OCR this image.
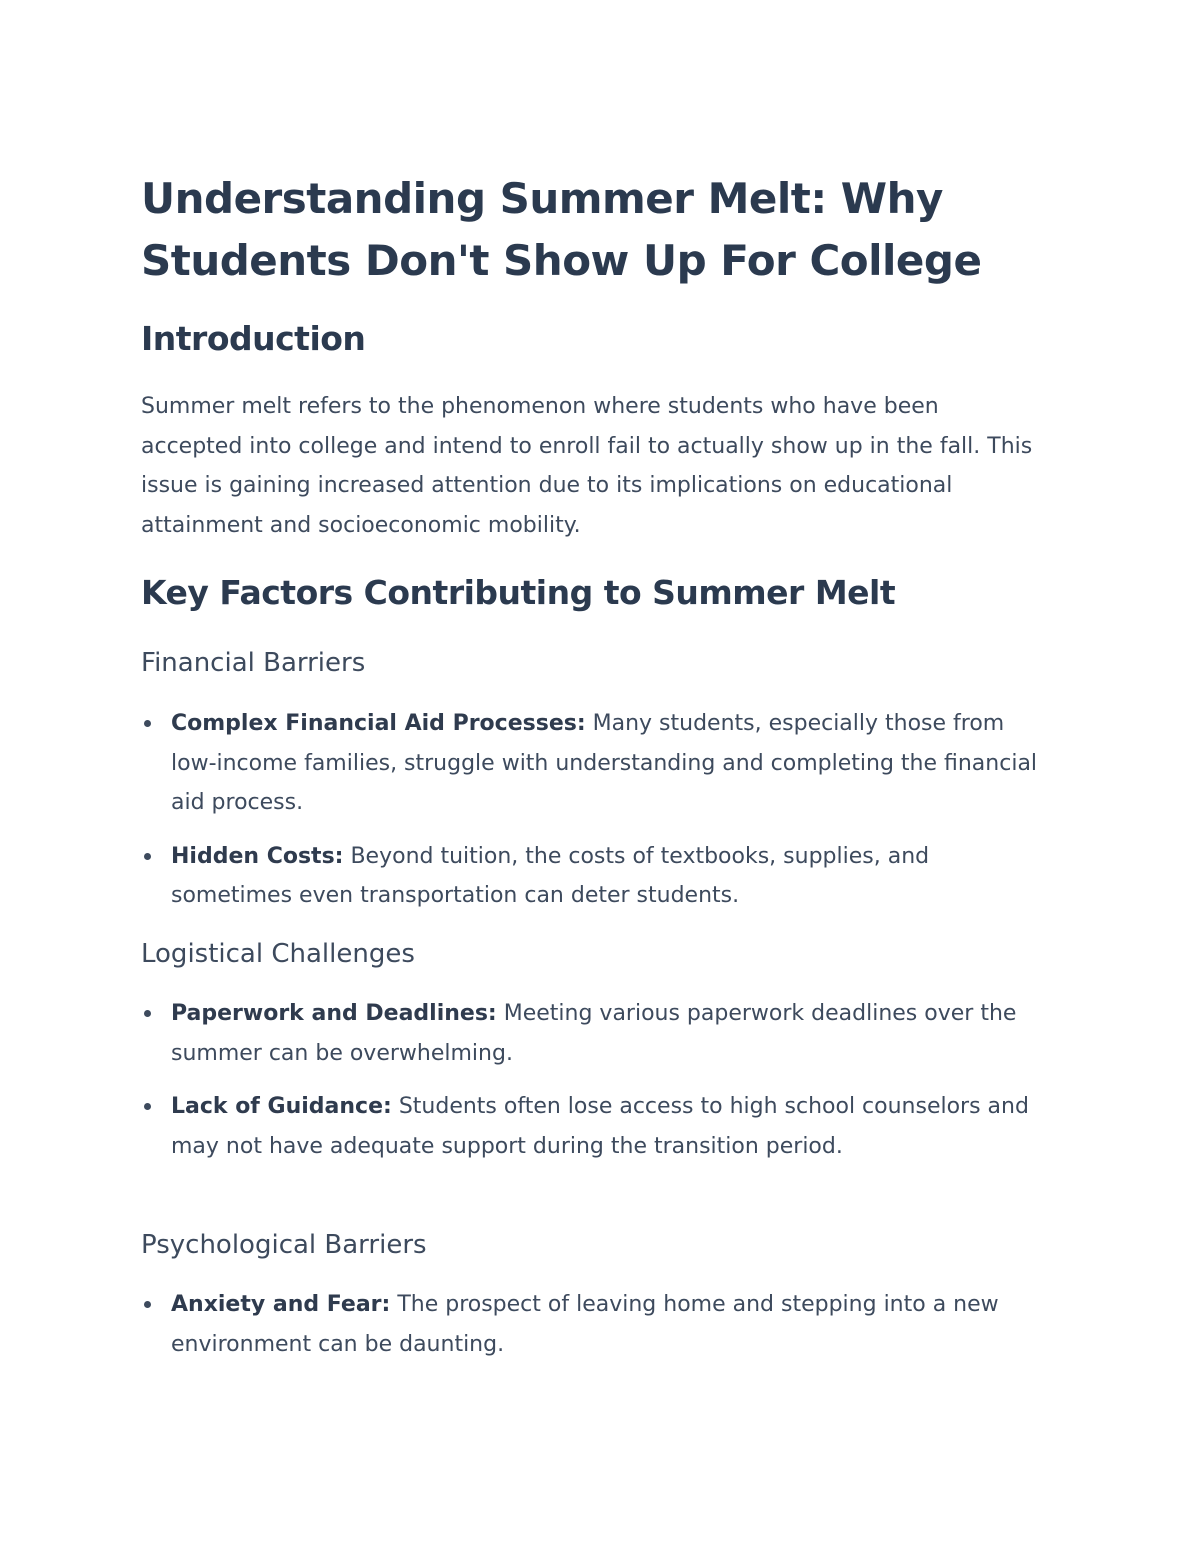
Understanding Summer Melt: Why Students Don't Show Up For College
Introduction

Summer melt refers to the phenomenon where students who have been accepted into college and intend to enroll fail to actually show up in the fall. This issue is gaining increased attention due to its implications on educational attainment and socioeconomic mobility.

Key Factors Contributing to Summer Melt
Financial Barriers
Complex Financial Aid Processes: Many students, especially those from low-income families, struggle with understanding and completing the financial aid process.
Hidden Costs: Beyond tuition, the costs of textbooks, supplies, and sometimes even transportation can deter students.
Logistical Challenges
Paperwork and Deadlines: Meeting various paperwork deadlines over the summer can be overwhelming.
Lack of Guidance: Students often lose access to high school counselors and may not have adequate support during the transition period.
Psychological Barriers
Anxiety and Fear: The prospect of leaving home and stepping into a new environment can be daunting.
